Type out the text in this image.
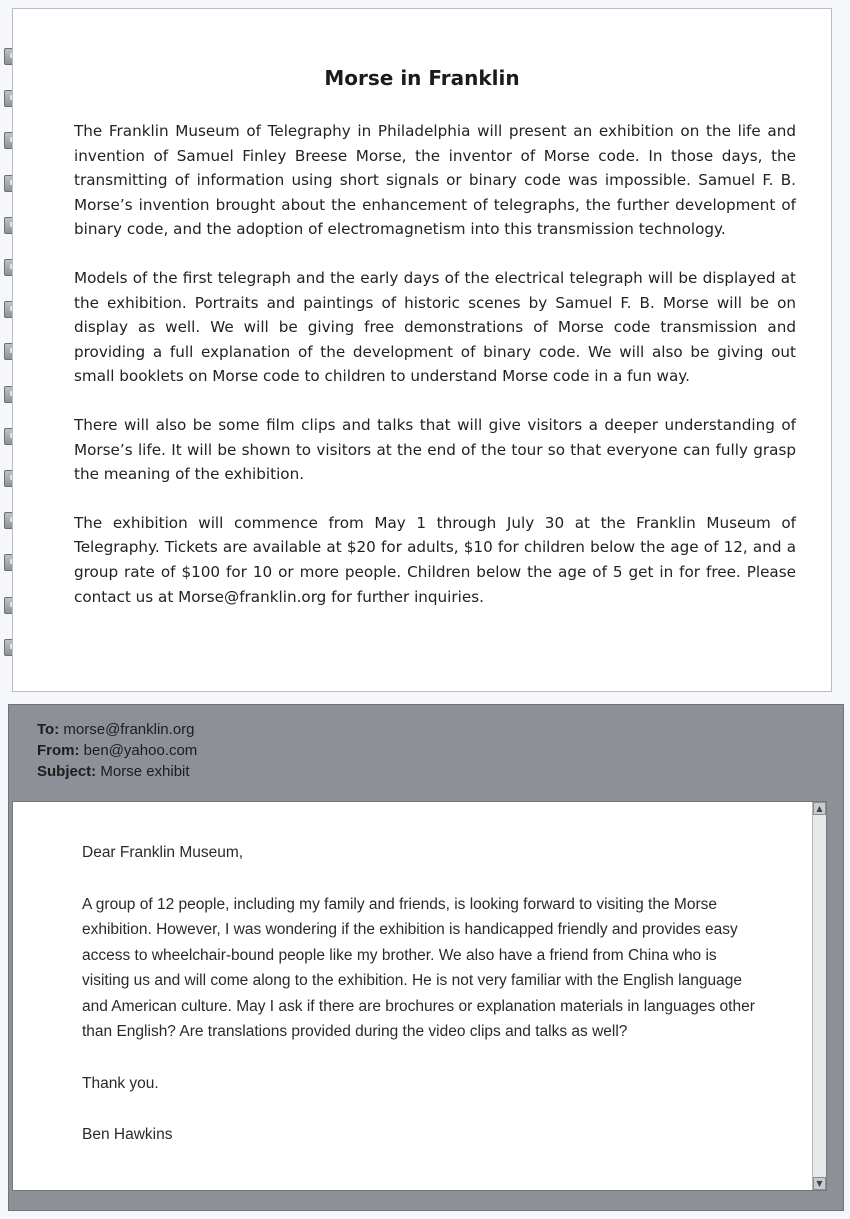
Morse in Franklin

The Franklin Museum of Telegraphy in Philadelphia will present an exhibition on the life and invention of Samuel Finley Breese Morse, the inventor of Morse code. In those days, the transmitting of information using short signals or binary code was impossible. Samuel F. B. Morse’s invention brought about the enhancement of telegraphs, the further development of binary code, and the adoption of electromagnetism into this transmission technology.

Models of the first telegraph and the early days of the electrical telegraph will be displayed at the exhibition. Portraits and paintings of historic scenes by Samuel F. B. Morse will be on display as well. We will be giving free demonstrations of Morse code transmission and providing a full explanation of the development of binary code. We will also be giving out small booklets on Morse code to children to understand Morse code in a fun way.

There will also be some film clips and talks that will give visitors a deeper understanding of Morse’s life. It will be shown to visitors at the end of the tour so that everyone can fully grasp the meaning of the exhibition.

The exhibition will commence from May 1 through July 30 at the Franklin Museum of Telegraphy. Tickets are available at $20 for adults, $10 for children below the age of 12, and a group rate of $100 for 10 or more people. Children below the age of 5 get in for free. Please contact us at Morse@franklin.org for further inquiries.

To: morse@franklin.org
From: ben@yahoo.com
Subject: Morse exhibit

Dear Franklin Museum,

A group of 12 people, including my family and friends, is looking forward to visiting the Morse exhibition. However, I was wondering if the exhibition is handicapped friendly and provides easy access to wheelchair-bound people like my brother. We also have a friend from China who is visiting us and will come along to the exhibition. He is not very familiar with the English language and American culture. May I ask if there are brochures or explanation materials in languages other than English? Are translations provided during the video clips and talks as well?

Thank you.

Ben Hawkins

▲
▼
